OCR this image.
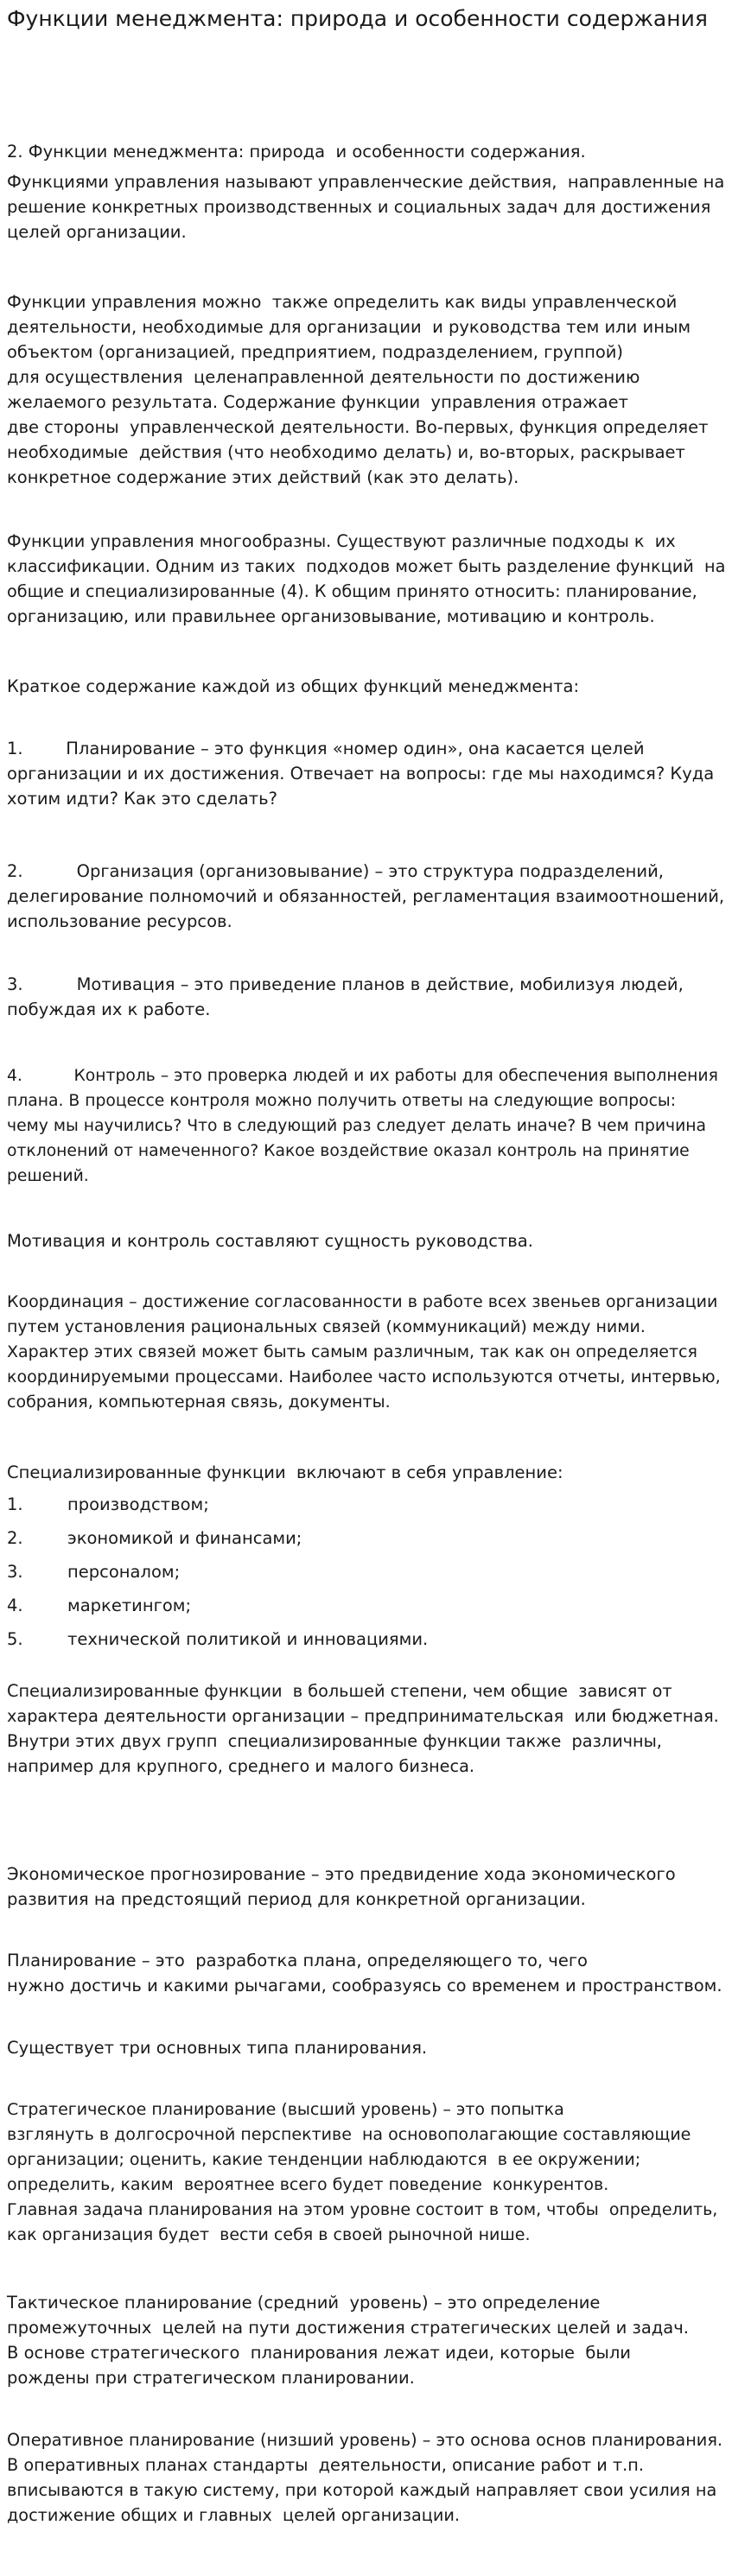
Функции менеджмента: природа и особенности содержания

2. Функции менеджмента: природа  и особенности содержания.

Функциями управления называют управленческие действия,  направленные на
решение конкретных производственных и социальных задач для достижения
целей организации.

Функции управления можно  также определить как виды управленческой
деятельности, необходимые для организации  и руководства тем или иным
объектом (организацией, предприятием, подразделением, группой)
для осуществления  целенаправленной деятельности по достижению
желаемого результата. Содержание функции  управления отражает
две стороны  управленческой деятельности. Во-первых, функция определяет
необходимые  действия (что необходимо делать) и, во-вторых, раскрывает
конкретное содержание этих действий (как это делать).

Функции управления многообразны. Существуют различные подходы к  их
классификации. Одним из таких  подходов может быть разделение функций  на
общие и специализированные (4). К общим принято относить: планирование,
организацию, или правильнее организовывание, мотивацию и контроль.

Краткое содержание каждой из общих функций менеджмента:

1.        Планирование – это функция «номер один», она касается целей
организации и их достижения. Отвечает на вопросы: где мы находимся? Куда
хотим идти? Как это сделать?

2.          Организация (организовывание) – это структура подразделений,
делегирование полномочий и обязанностей, регламентация взаимоотношений,
использование ресурсов.

3.          Мотивация – это приведение планов в действие, мобилизуя людей,
побуждая их к работе.

4.          Контроль – это проверка людей и их работы для обеспечения выполнения
плана. В процессе контроля можно получить ответы на следующие вопросы:
чему мы научились? Что в следующий раз следует делать иначе? В чем причина
отклонений от намеченного? Какое воздействие оказал контроль на принятие
решений.

Мотивация и контроль составляют сущность руководства.

Координация – достижение согласованности в работе всех звеньев организации
путем установления рациональных связей (коммуникаций) между ними.
Характер этих связей может быть самым различным, так как он определяется
координируемыми процессами. Наиболее часто используются отчеты, интервью,
собрания, компьютерная связь, документы.

Специализированные функции  включают в себя управление:

1.	производством;
2.	экономикой и финансами;
3.	персоналом;
4.	маркетингом;
5.	технической политикой и инновациями.

Специализированные функции  в большей степени, чем общие  зависят от
характера деятельности организации – предпринимательская  или бюджетная.
Внутри этих двух групп  специализированные функции также  различны,
например для крупного, среднего и малого бизнеса.

Экономическое прогнозирование – это предвидение хода экономического
развития на предстоящий период для конкретной организации.

Планирование – это  разработка плана, определяющего то, чего
нужно достичь и какими рычагами, сообразуясь со временем и пространством.

Существует три основных типа планирования.

Стратегическое планирование (высший уровень) – это попытка
взглянуть в долгосрочной перспективе  на основополагающие составляющие
организации; оценить, какие тенденции наблюдаются  в ее окружении;
определить, каким  вероятнее всего будет поведение  конкурентов.
Главная задача планирования на этом уровне состоит в том, чтобы  определить,
как организация будет  вести себя в своей рыночной нише.

Тактическое планирование (средний  уровень) – это определение
промежуточных  целей на пути достижения стратегических целей и задач.
В основе стратегического  планирования лежат идеи, которые  были
рождены при стратегическом планировании.

Оперативное планирование (низший уровень) – это основа основ планирования.
В оперативных планах стандарты  деятельности, описание работ и т.п.
вписываются в такую систему, при которой каждый направляет свои усилия на
достижение общих и главных  целей организации.
